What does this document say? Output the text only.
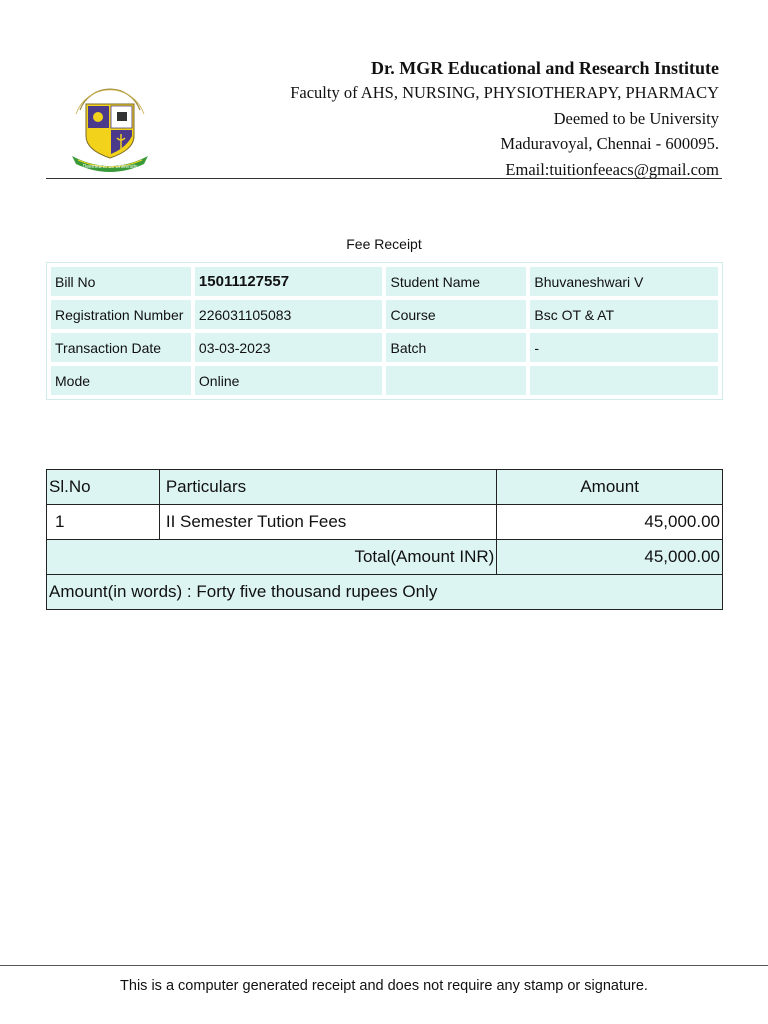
Deemed to be University
Dr. MGR Educational and Research Institute
Faculty of AHS, NURSING, PHYSIOTHERAPY, PHARMACY
Deemed to be University
Maduravoyal, Chennai - 600095.
Email:tuitionfeeacs@gmail.com
Fee Receipt
Bill No	15011127557	Student Name	Bhuvaneshwari V
Registration Number	226031105083	Course	Bsc OT & AT
Transaction Date	03-03-2023	Batch	-
Mode	Online		
Sl.No	Particulars	Amount
1	II Semester Tution Fees	45,000.00
Total(Amount INR)		45,000.00
Amount(in words) : Forty five thousand rupees Only		
This is a computer generated receipt and does not require any stamp or signature.
